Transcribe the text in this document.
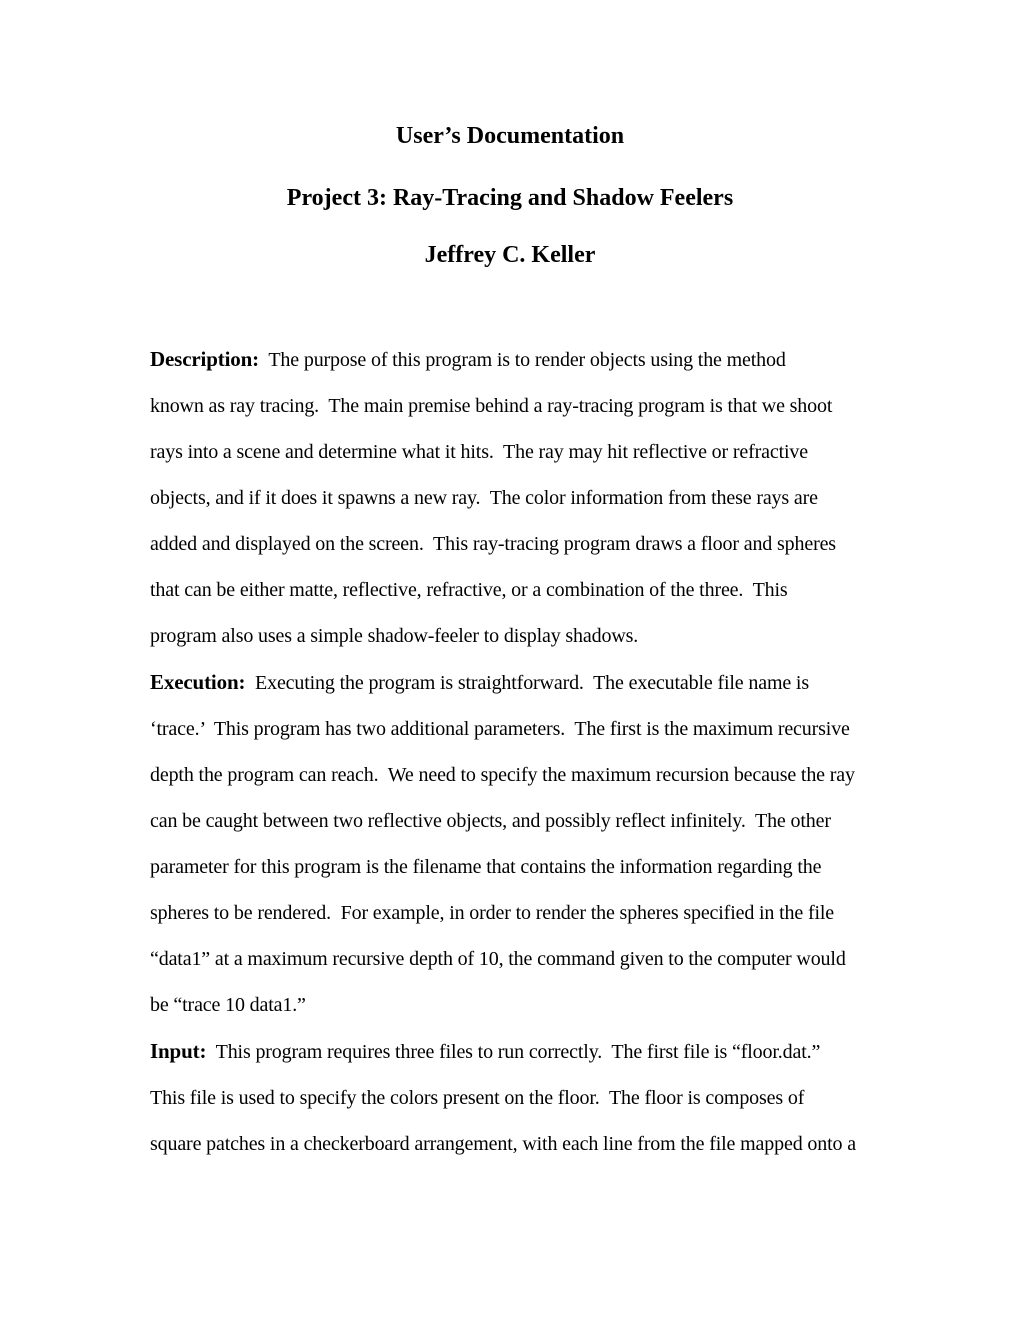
User’s Documentation
Project 3: Ray-Tracing and Shadow Feelers
Jeffrey C. Keller
Description:  The purpose of this program is to render objects using the method
known as ray tracing.  The main premise behind a ray-tracing program is that we shoot
rays into a scene and determine what it hits.  The ray may hit reflective or refractive
objects, and if it does it spawns a new ray.  The color information from these rays are
added and displayed on the screen.  This ray-tracing program draws a floor and spheres
that can be either matte, reflective, refractive, or a combination of the three.  This
program also uses a simple shadow-feeler to display shadows.
Execution:  Executing the program is straightforward.  The executable file name is
‘trace.’  This program has two additional parameters.  The first is the maximum recursive
depth the program can reach.  We need to specify the maximum recursion because the ray
can be caught between two reflective objects, and possibly reflect infinitely.  The other
parameter for this program is the filename that contains the information regarding the
spheres to be rendered.  For example, in order to render the spheres specified in the file
“data1” at a maximum recursive depth of 10, the command given to the computer would
be “trace 10 data1.”
Input:  This program requires three files to run correctly.  The first file is “floor.dat.”
This file is used to specify the colors present on the floor.  The floor is composes of
square patches in a checkerboard arrangement, with each line from the file mapped onto a
